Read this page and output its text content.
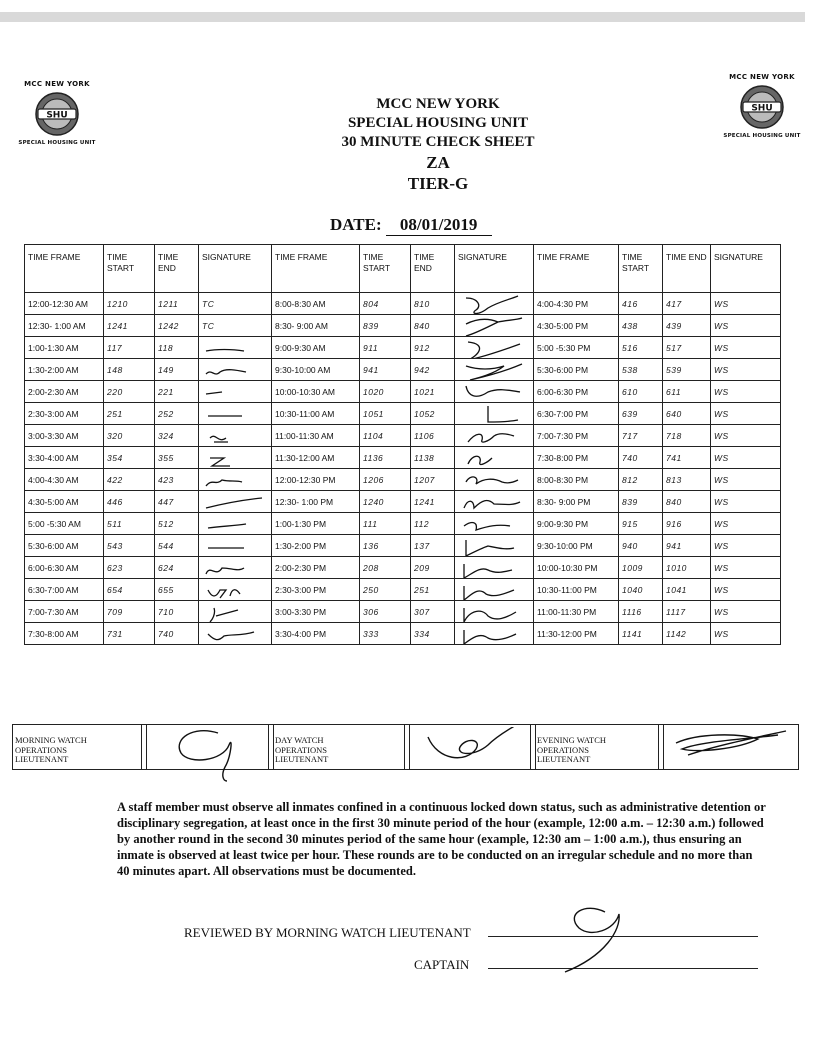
MCC NEW YORK
SHU
SPECIAL HOUSING UNIT
MCC NEW YORK
SHU
SPECIAL HOUSING UNIT
MCC NEW YORK
SPECIAL HOUSING UNIT
30 MINUTE CHECK SHEET
ZA
TIER-G
DATE: 08/01/2019
TIME FRAME	TIME START	TIME END	SIGNATURE	TIME FRAME	TIME START	TIME END	SIGNATURE	TIME FRAME	TIME START	TIME END	SIGNATURE
12:00-12:30 AM	1210	1211	TC	8:00-8:30 AM	804	810		4:00-4:30 PM	416	417	WS
12:30- 1:00 AM	1241	1242	TC	8:30- 9:00 AM	839	840		4:30-5:00 PM	438	439	WS
1:00-1:30 AM	117	118		9:00-9:30 AM	911	912		5:00 -5:30 PM	516	517	WS
1:30-2:00 AM	148	149		9:30-10:00 AM	941	942		5:30-6:00 PM	538	539	WS
2:00-2:30 AM	220	221		10:00-10:30 AM	1020	1021		6:00-6:30 PM	610	611	WS
2:30-3:00 AM	251	252		10:30-11:00 AM	1051	1052		6:30-7:00 PM	639	640	WS
3:00-3:30 AM	320	324		11:00-11:30 AM	1104	1106		7:00-7:30 PM	717	718	WS
3:30-4:00 AM	354	355		11:30-12:00 AM	1136	1138		7:30-8:00 PM	740	741	WS
4:00-4:30 AM	422	423		12:00-12:30 PM	1206	1207		8:00-8:30 PM	812	813	WS
4:30-5:00 AM	446	447		12:30- 1:00 PM	1240	1241		8:30- 9:00 PM	839	840	WS
5:00 -5:30 AM	511	512		1:00-1:30 PM	111	112		9:00-9:30 PM	915	916	WS
5:30-6:00 AM	543	544		1:30-2:00 PM	136	137		9:30-10:00 PM	940	941	WS
6:00-6:30 AM	623	624		2:00-2:30 PM	208	209		10:00-10:30 PM	1009	1010	WS
6:30-7:00 AM	654	655		2:30-3:00 PM	250	251		10:30-11:00 PM	1040	1041	WS
7:00-7:30 AM	709	710		3:00-3:30 PM	306	307		11:00-11:30 PM	1116	1117	WS
7:30-8:00 AM	731	740		3:30-4:00 PM	333	334		11:30-12:00 PM	1141	1142	WS
MORNING WATCH
OPERATIONS
LIEUTENANT
DAY WATCH
OPERATIONS
LIEUTENANT
EVENING WATCH
OPERATIONS
LIEUTENANT
A staff member must observe all inmates confined in a continuous locked down status, such as administrative detention or disciplinary segregation, at least once in the first 30 minute period of the hour (example, 12:00 a.m. – 12:30 a.m.) followed by another round in the second 30 minutes period of the same hour (example, 12:30 am – 1:00 a.m.), thus ensuring an inmate is observed at least twice per hour. These rounds are to be conducted on an irregular schedule and no more than 40 minutes apart. All observations must be documented.
REVIEWED BY MORNING WATCH LIEUTENANT
CAPTAIN
